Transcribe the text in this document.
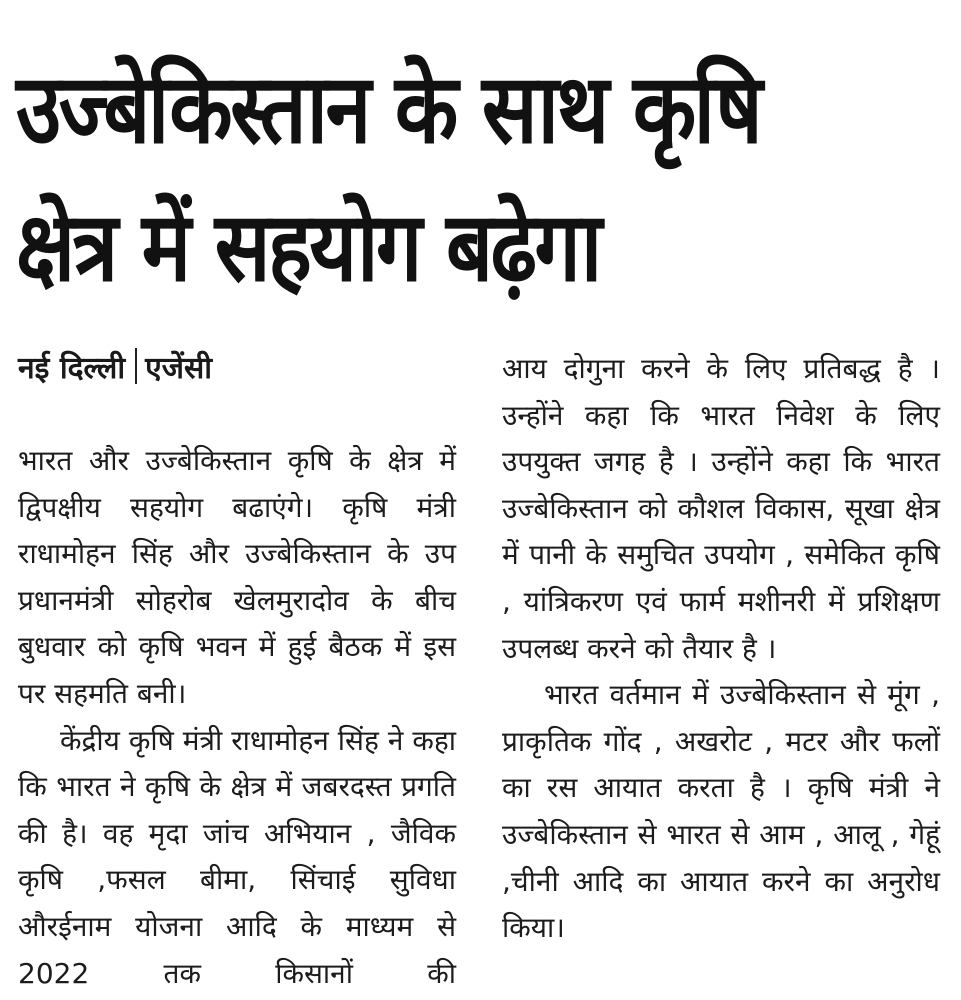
उज्बेकिस्तान के साथ कृषि
क्षेत्र में सहयोग बढ़ेगा
नई दिल्ली एजेंसी

भारत और उज्बेकिस्तान कृषि के क्षेत्र में द्विपक्षीय सहयोग बढाएंगे। कृषि मंत्री राधामोहन सिंह और उज्बेकिस्तान के उप प्रधानमंत्री सोहरोब खेलमुरादोव के बीच बुधवार को कृषि भवन में हुई बैठक में इस पर सहमति बनी।

केंद्रीय कृषि मंत्री राधामोहन सिंह ने कहा कि भारत ने कृषि के क्षेत्र में जबरदस्त प्रगति की है। वह मृदा जांच अभियान , जैविक कृषि ,फसल बीमा, सिंचाई सुविधा औरईनाम योजना आदि के माध्यम से 2022 तक किसानों की

आय दोगुना करने के लिए प्रतिबद्ध है ।उन्होंने कहा कि भारत निवेश के लिए उपयुक्त जगह है । उन्होंने कहा कि भारत उज्बेकिस्तान को कौशल विकास, सूखा क्षेत्र में पानी के समुचित उपयोग , समेकित कृषि , यांत्रिकरण एवं फार्म मशीनरी में प्रशिक्षण उपलब्ध करने को तैयार है ।

भारत वर्तमान में उज्बेकिस्तान से मूंग , प्राकृतिक गोंद , अखरोट , मटर और फलों का रस आयात करता है । कृषि मंत्री ने उज्बेकिस्तान से भारत से आम , आलू , गेहूं ,चीनी आदि का आयात करने का अनुरोध किया।
